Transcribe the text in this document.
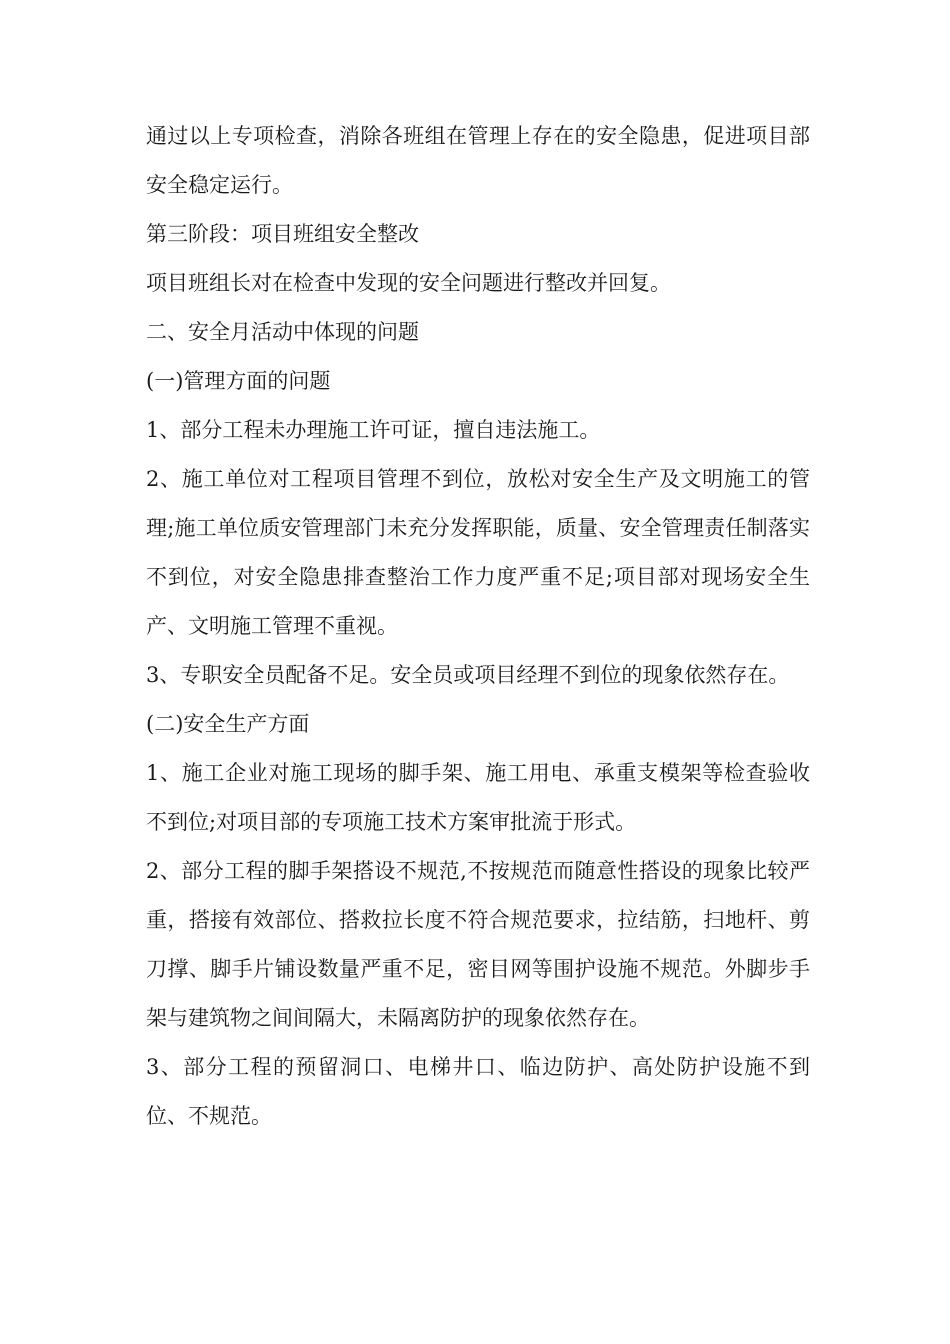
通过以上专项检查，消除各班组在管理上存在的安全隐患，促进项目部安全稳定运行。

第三阶段：项目班组安全整改

项目班组长对在检查中发现的安全问题进行整改并回复。

二、安全月活动中体现的问题

(一)管理方面的问题

1、部分工程未办理施工许可证，擅自违法施工。

2、施工单位对工程项目管理不到位，放松对安全生产及文明施工的管理;施工单位质安管理部门未充分发挥职能，质量、安全管理责任制落实不到位，对安全隐患排查整治工作力度严重不足;项目部对现场安全生产、文明施工管理不重视。

3、专职安全员配备不足。安全员或项目经理不到位的现象依然存在。

(二)安全生产方面

1、施工企业对施工现场的脚手架、施工用电、承重支模架等检查验收不到位;对项目部的专项施工技术方案审批流于形式。

2、部分工程的脚手架搭设不规范,不按规范而随意性搭设的现象比较严重，搭接有效部位、搭救拉长度不符合规范要求，拉结筋，扫地杆、剪刀撑、脚手片铺设数量严重不足，密目网等围护设施不规范。外脚步手架与建筑物之间间隔大，未隔离防护的现象依然存在。

3、部分工程的预留洞口、电梯井口、临边防护、高处防护设施不到位、不规范。
